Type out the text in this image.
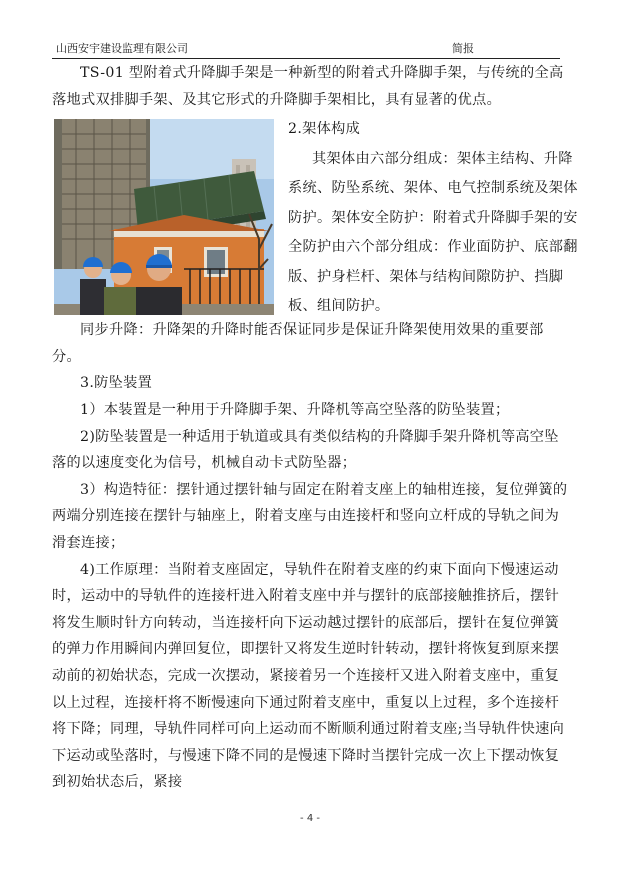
山西安宇建设监理有限公司	简报

TS-01 型附着式升降脚手架是一种新型的附着式升降脚手架，与传统的全高落地式双排脚手架、及其它形式的升降脚手架相比，具有显著的优点。

2.架体构成

其架体由六部分组成：架体主结构、升降系统、防坠系统、架体、电气控制系统及架体防护。架体安全防护：附着式升降脚手架的安全防护由六个部分组成：作业面防护、底部翻版、护身栏杆、架体与结构间隙防护、挡脚板、组间防护。

同步升降：升降架的升降时能否保证同步是保证升降架使用效果的重要部分。

3.防坠装置

1）本装置是一种用于升降脚手架、升降机等高空坠落的防坠装置；

2)防坠装置是一种适用于轨道或具有类似结构的升降脚手架升降机等高空坠落的以速度变化为信号，机械自动卡式防坠器；

3）构造特征：摆针通过摆针轴与固定在附着支座上的轴柑连接，复位弹簧的两端分别连接在摆针与轴座上，附着支座与由连接杆和竖向立杆成的导轨之间为滑套连接；

4)工作原理：当附着支座固定，导轨件在附着支座的约束下面向下慢速运动时，运动中的导轨件的连接杆进入附着支座中并与摆针的底部接触推挤后，摆针将发生顺时针方向转动，当连接杆向下运动越过摆针的底部后，摆针在复位弹簧的弹力作用瞬间内弹回复位，即摆针又将发生逆时针转动，摆针将恢复到原来摆动前的初始状态，完成一次摆动，紧接着另一个连接杆又进入附着支座中，重复以上过程，连接杆将不断慢速向下通过附着支座中，重复以上过程，多个连接杆将下降；同理，导轨件同样可向上运动而不断顺利通过附着支座;当导轨件快速向下运动或坠落时，与慢速下降不同的是慢速下降时当摆针完成一次上下摆动恢复到初始状态后，紧接

- 4 -
